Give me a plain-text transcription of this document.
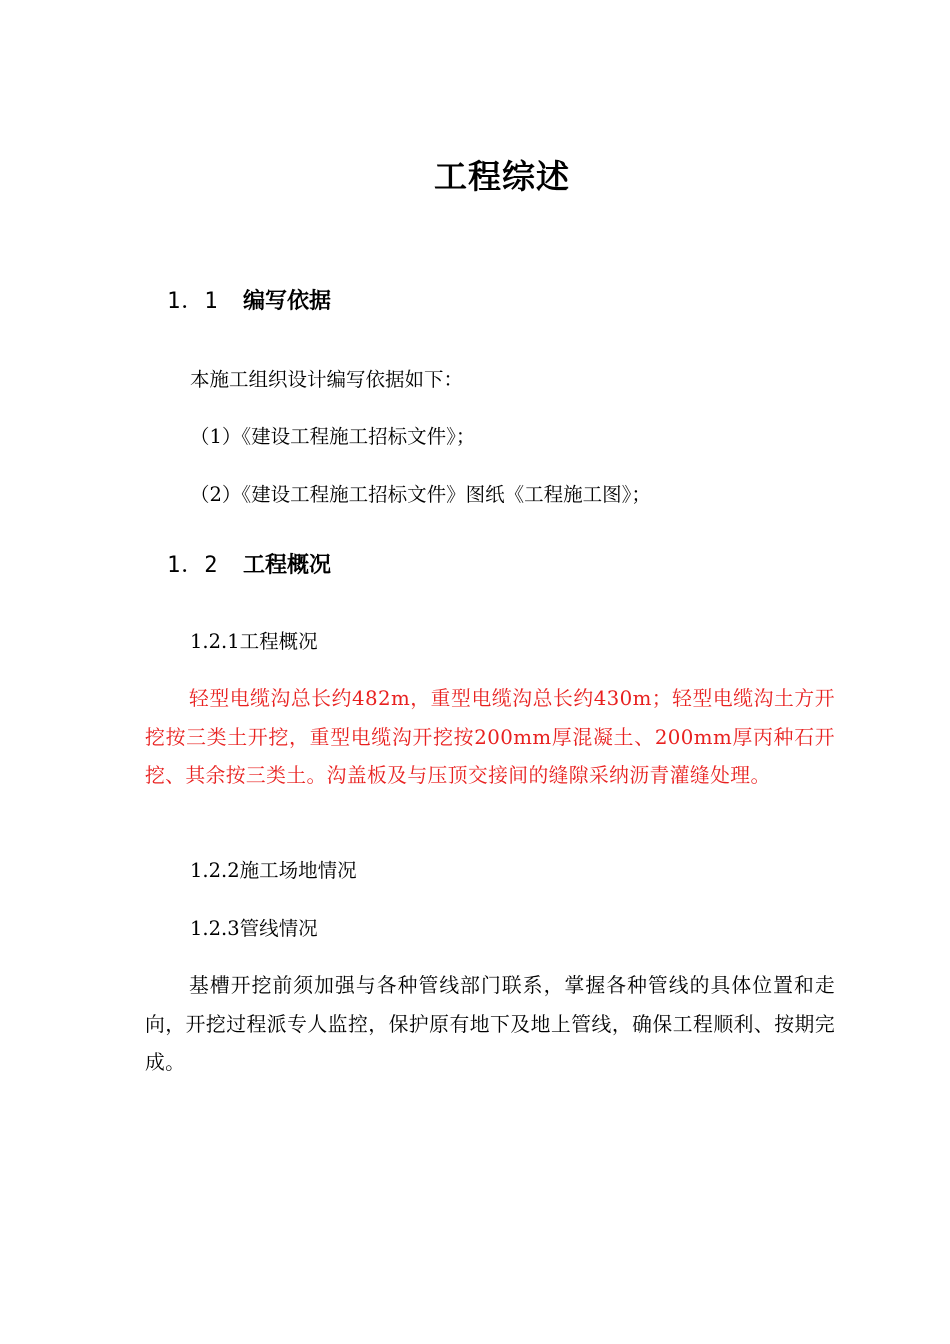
工程综述
1．1 编写依据
本施工组织设计编写依据如下：
（1）《建设工程施工招标文件》；
（2）《建设工程施工招标文件》图纸《工程施工图》；
1．2 工程概况
1.2.1工程概况
轻型电缆沟总长约482m，重型电缆沟总长约430m；轻型电缆沟土方开挖按三类土开挖，重型电缆沟开挖按200mm厚混凝土、200mm厚丙种石开挖、其余按三类土。沟盖板及与压顶交接间的缝隙采纳沥青灌缝处理。
1.2.2施工场地情况
1.2.3管线情况
基槽开挖前须加强与各种管线部门联系，掌握各种管线的具体位置和走向，开挖过程派专人监控，保护原有地下及地上管线，确保工程顺利、按期完成。
